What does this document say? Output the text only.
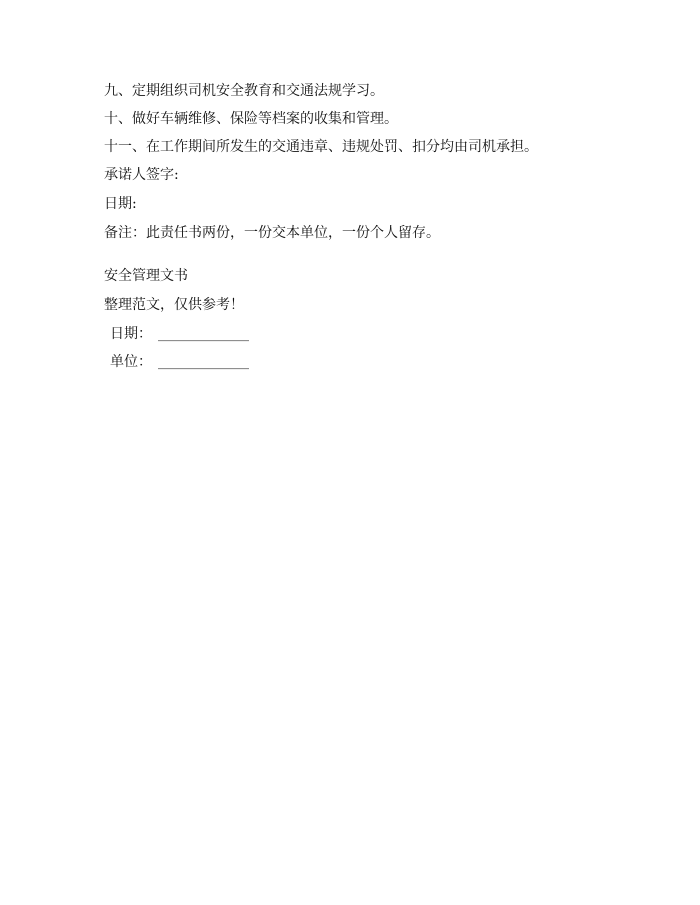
九、定期组织司机安全教育和交通法规学习。
十、做好车辆维修、保险等档案的收集和管理。
十一、在工作期间所发生的交通违章、违规处罚、扣分均由司机承担。
承诺人签字:
日期:
备注：此责任书两份，一份交本单位，一份个人留存。
安全管理文书
整理范文，仅供参考！
日期： _____________
单位： _____________
